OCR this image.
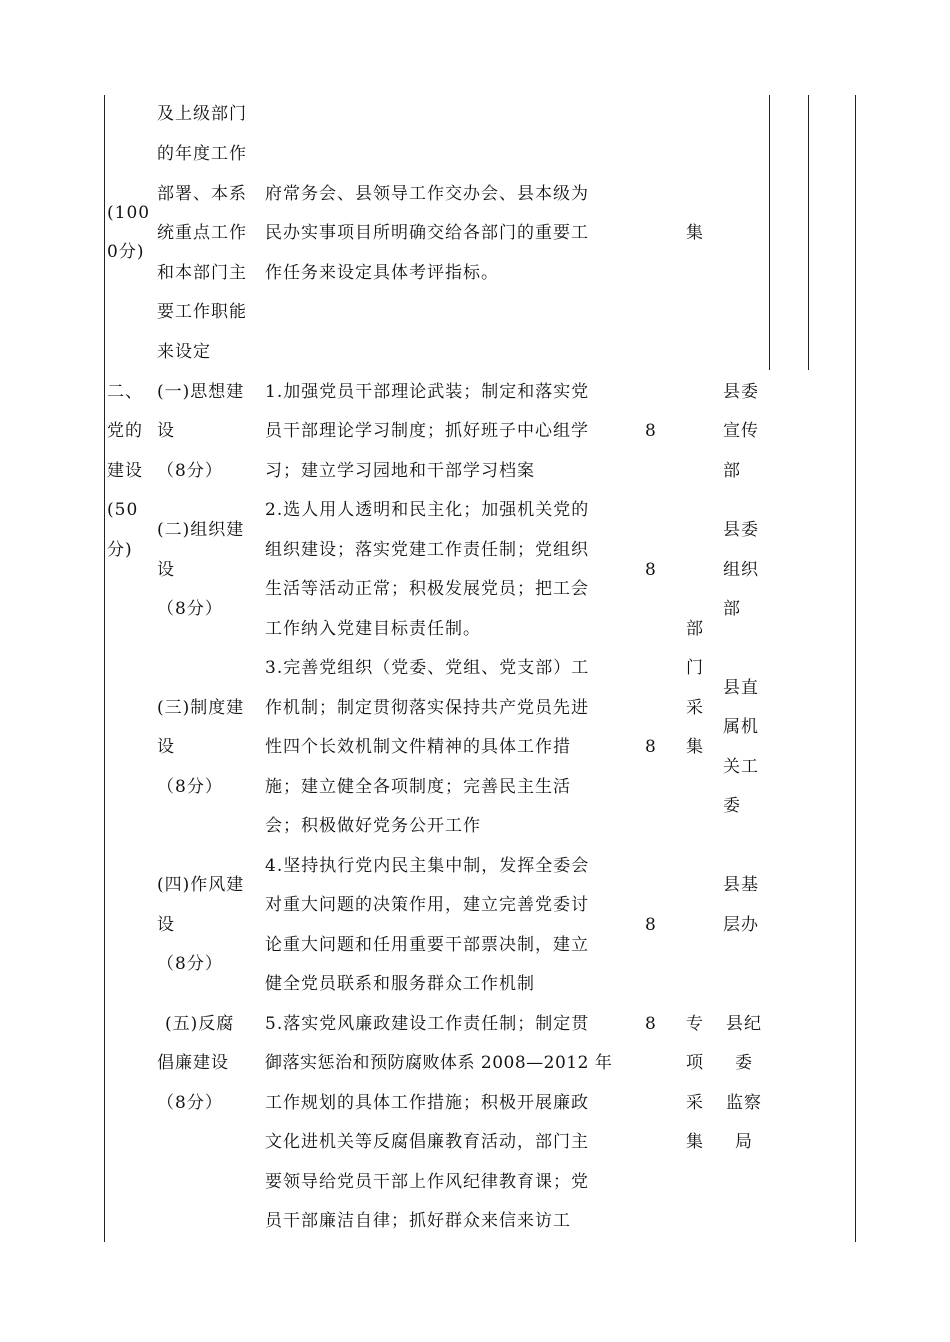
(100
0分)
及上级部门
的年度工作
部署、本系
统重点工作
和本部门主
要工作职能
来设定
府常务会、县领导工作交办会、县本级为
民办实事项目所明确交给各部门的重要工
作任务来设定具体考评指标。
集
二、
党的
建设
(50
分)
(一)思想建
设
（8分）
1.加强党员干部理论武装；制定和落实党
员干部理论学习制度；抓好班子中心组学
习；建立学习园地和干部学习档案
8
县委
宣传
部
(二)组织建
设
（8分）
2.选人用人透明和民主化；加强机关党的
组织建设；落实党建工作责任制；党组织
生活等活动正常；积极发展党员；把工会
工作纳入党建目标责任制。
8
县委
组织
部
部
门
采
集
(三)制度建
设
（8分）
3.完善党组织（党委、党组、党支部）工
作机制；制定贯彻落实保持共产党员先进
性四个长效机制文件精神的具体工作措
施；建立健全各项制度；完善民主生活
会；积极做好党务公开工作
8
县直
属机
关工
委
(四)作风建
设
（8分）
4.坚持执行党内民主集中制，发挥全委会
对重大问题的决策作用，建立完善党委讨
论重大问题和任用重要干部票决制，建立
健全党员联系和服务群众工作机制
8
县基
层办
(五)反腐
倡廉建设
（8分）
5.落实党风廉政建设工作责任制；制定贯
御落实惩治和预防腐败体系 2008—2012 年
工作规划的具体工作措施；积极开展廉政
文化进机关等反腐倡廉教育活动，部门主
要领导给党员干部上作风纪律教育课；党
员干部廉洁自律；抓好群众来信来访工
8 专
项
采
集
县纪
委
监察
局
